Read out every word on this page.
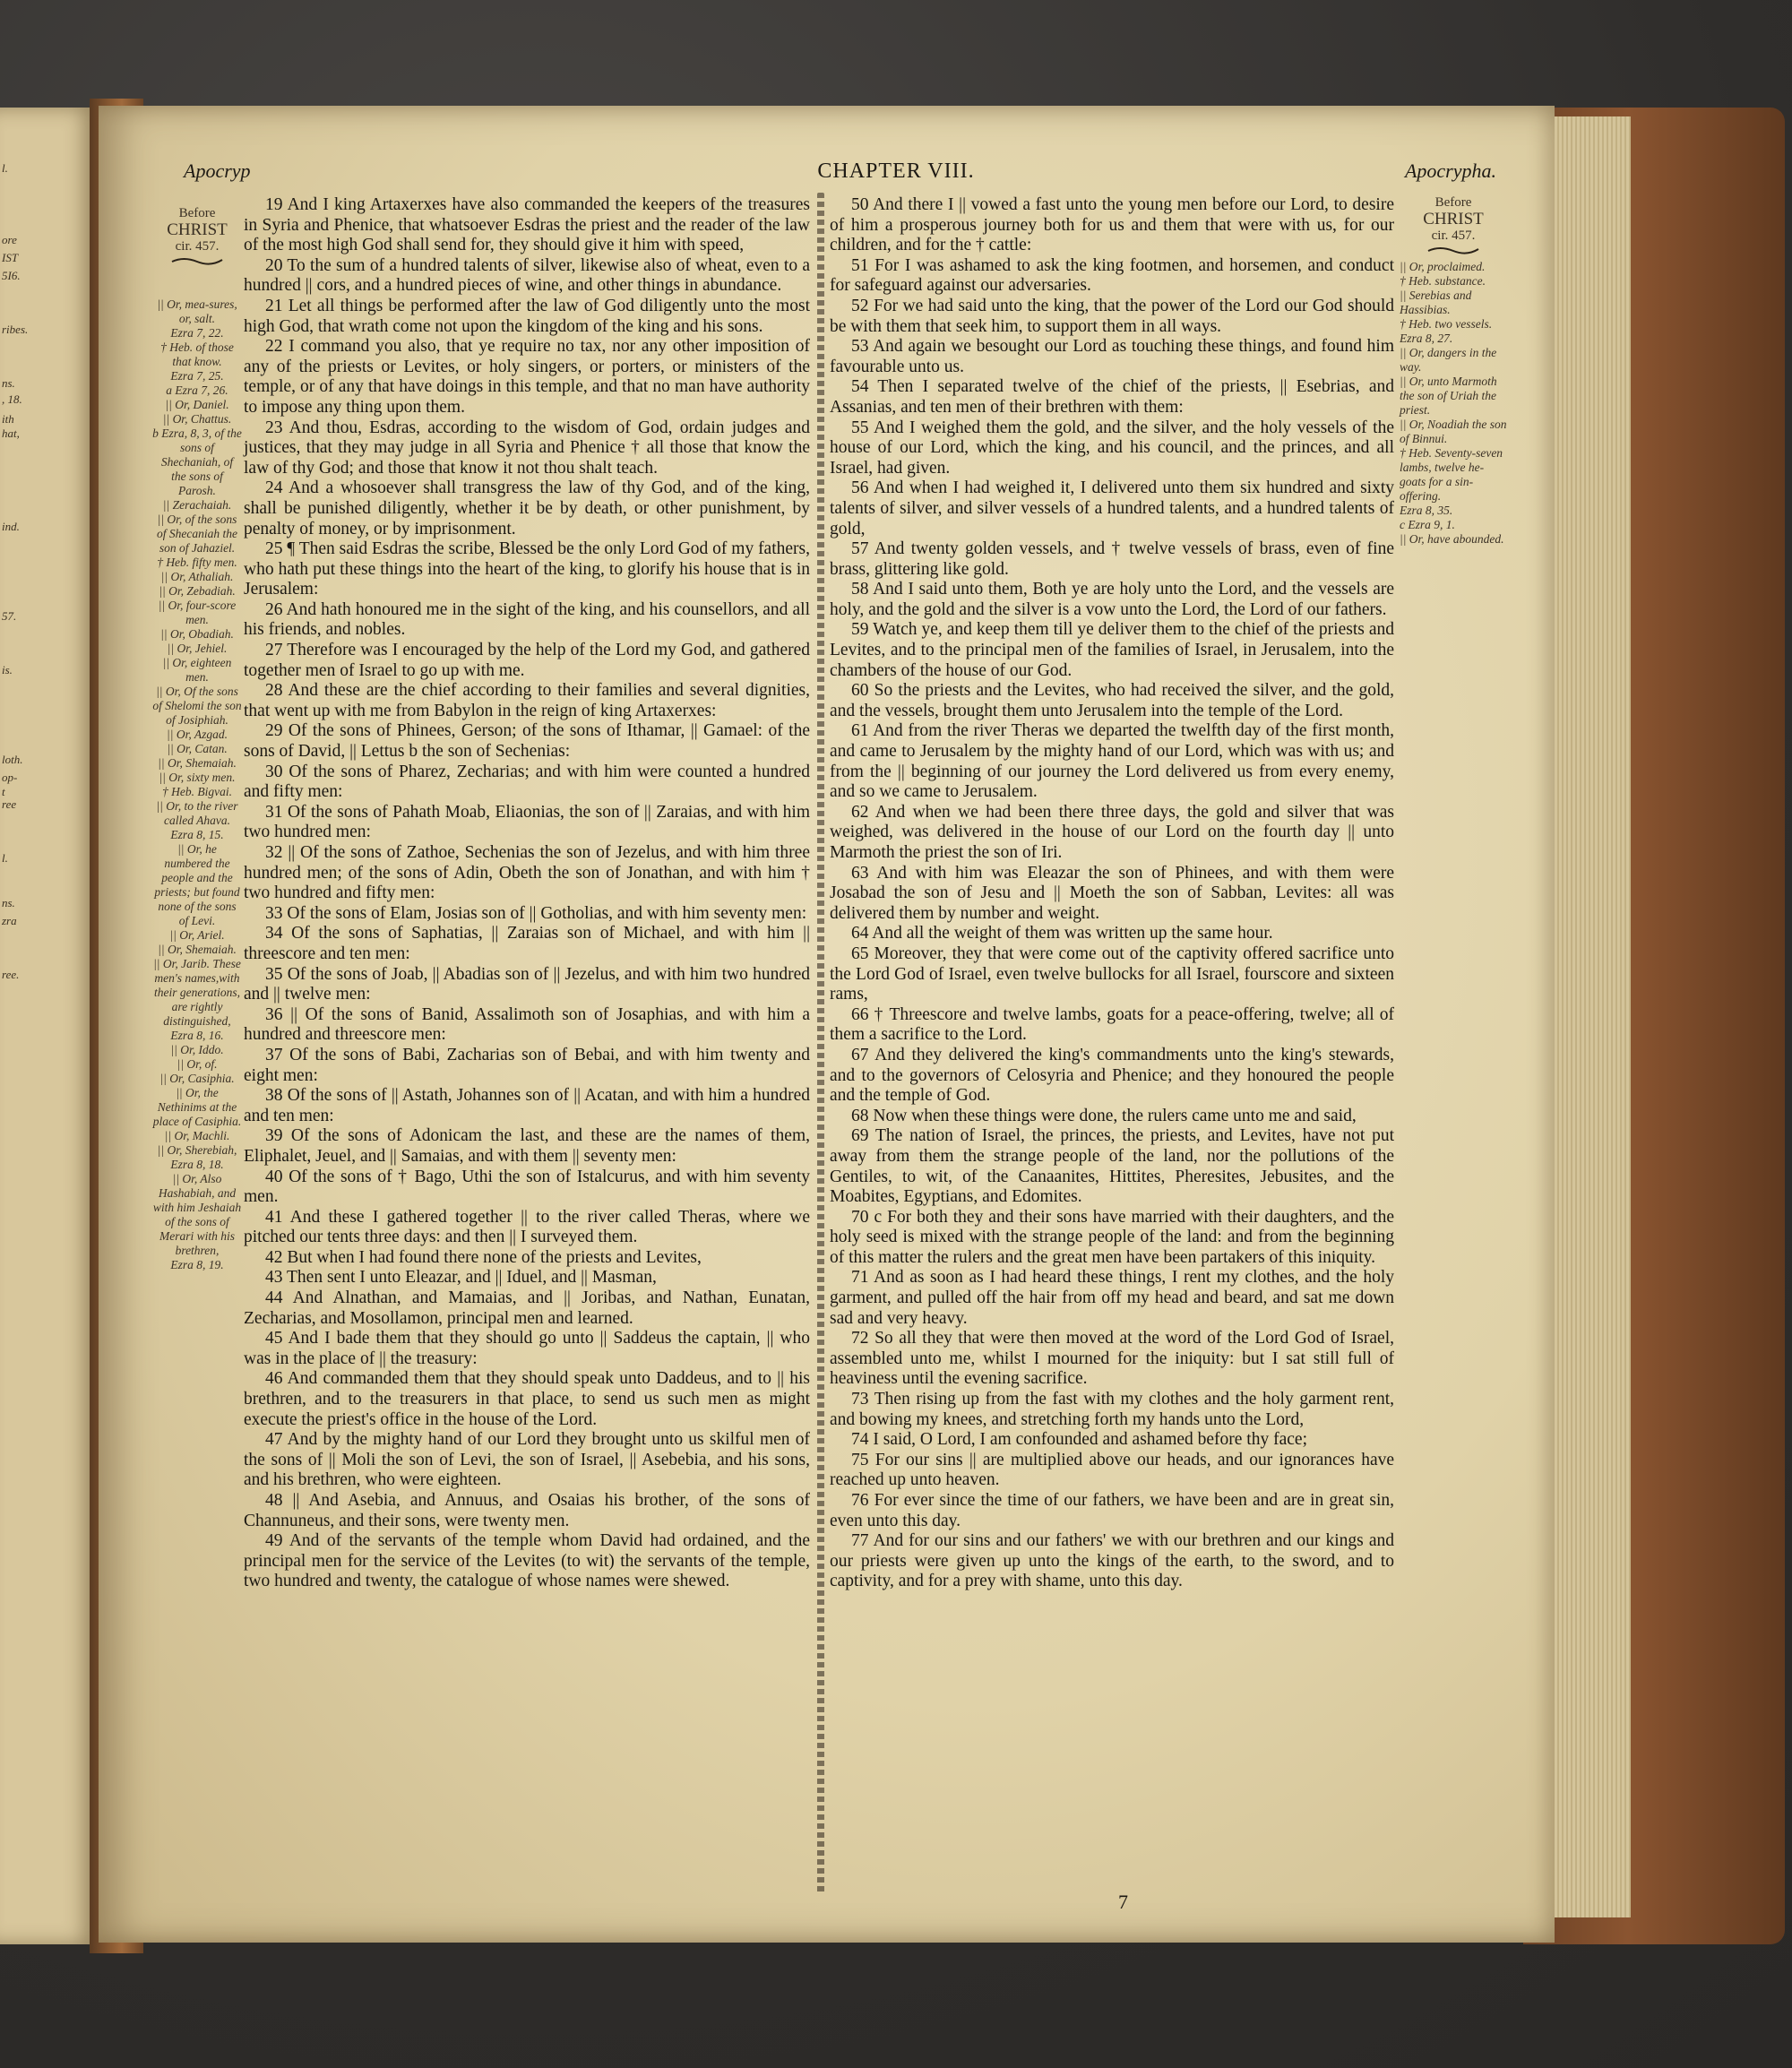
l.
ore
IST
5I6.
ribes.
ns.
, 18.
ith
hat,
ind.
57.
is.
loth.
op-
t
ree
l.
ns.
zra
ree.
Apocryp	CHAPTER VIII.	Apocrypha.
Before
CHRIST
cir. 457.
|| Or, mea-sures, or, salt.
Ezra 7, 22.
† Heb. of those that know.
Ezra 7, 25.
a Ezra 7, 26.
|| Or, Daniel.
|| Or, Chattus.
b Ezra, 8, 3, of the sons of Shechaniah, of the sons of Parosh.
|| Zerachaiah.
|| Or, of the sons of Shecaniah the son of Jahaziel.
† Heb. fifty men.
|| Or, Athaliah.
|| Or, Zebadiah.
|| Or, four-score men.
|| Or, Obadiah.
|| Or, Jehiel.
|| Or, eighteen men.
|| Or, Of the sons of Shelomi the son of Josiphiah.
|| Or, Azgad.
|| Or, Catan.
|| Or, Shemaiah.
|| Or, sixty men.
† Heb. Bigvai.
|| Or, to the river called Ahava.
Ezra 8, 15.
|| Or, he numbered the people and the priests; but found none of the sons of Levi.
|| Or, Ariel.
|| Or, Shemaiah.
|| Or, Jarib. These men's names,with their generations, are rightly distinguished,
Ezra 8, 16.
|| Or, Iddo.
|| Or, of.
|| Or, Casiphia.
|| Or, the Nethinims at the place of Casiphia.
|| Or, Machli.
|| Or, Sherebiah,
Ezra 8, 18.
|| Or, Also Hashabiah, and with him Jeshaiah of the sons of Merari with his brethren,
Ezra 8, 19.
Before
CHRIST
cir. 457.
|| Or, proclaimed.
† Heb. substance.
|| Serebias and Hassibias.
† Heb. two vessels.
Ezra 8, 27.
|| Or, dangers in the way.
|| Or, unto Marmoth the son of Uriah the priest.
|| Or, Noadiah the son of Binnui.
† Heb. Seventy-seven lambs, twelve he-goats for a sin-offering.
Ezra 8, 35.
c Ezra 9, 1.
|| Or, have abounded.

19 And I king Artaxerxes have also commanded the keepers of the treasures in Syria and Phenice, that whatsoever Esdras the priest and the reader of the law of the most high God shall send for, they should give it him with speed,

20 To the sum of a hundred talents of silver, likewise also of wheat, even to a hundred || cors, and a hundred pieces of wine, and other things in abundance.

21 Let all things be performed after the law of God diligently unto the most high God, that wrath come not upon the kingdom of the king and his sons.

22 I command you also, that ye require no tax, nor any other imposition of any of the priests or Levites, or holy singers, or porters, or ministers of the temple, or of any that have doings in this temple, and that no man have authority to impose any thing upon them.

23 And thou, Esdras, according to the wisdom of God, ordain judges and justices, that they may judge in all Syria and Phenice † all those that know the law of thy God; and those that know it not thou shalt teach.

24 And a whosoever shall transgress the law of thy God, and of the king, shall be punished diligently, whether it be by death, or other punishment, by penalty of money, or by imprisonment.

25 ¶ Then said Esdras the scribe, Blessed be the only Lord God of my fathers, who hath put these things into the heart of the king, to glorify his house that is in Jerusalem:

26 And hath honoured me in the sight of the king, and his counsellors, and all his friends, and nobles.

27 Therefore was I encouraged by the help of the Lord my God, and gathered together men of Israel to go up with me.

28 And these are the chief according to their families and several dignities, that went up with me from Babylon in the reign of king Artaxerxes:

29 Of the sons of Phinees, Gerson; of the sons of Ithamar, || Gamael: of the sons of David, || Lettus b the son of Sechenias:

30 Of the sons of Pharez, Zecharias; and with him were counted a hundred and fifty men:

31 Of the sons of Pahath Moab, Eliaonias, the son of || Zaraias, and with him two hundred men:

32 || Of the sons of Zathoe, Sechenias the son of Jezelus, and with him three hundred men; of the sons of Adin, Obeth the son of Jonathan, and with him † two hundred and fifty men:

33 Of the sons of Elam, Josias son of || Gotholias, and with him seventy men:

34 Of the sons of Saphatias, || Zaraias son of Michael, and with him || threescore and ten men:

35 Of the sons of Joab, || Abadias son of || Jezelus, and with him two hundred and || twelve men:

36 || Of the sons of Banid, Assalimoth son of Josaphias, and with him a hundred and threescore men:

37 Of the sons of Babi, Zacharias son of Bebai, and with him twenty and eight men:

38 Of the sons of || Astath, Johannes son of || Acatan, and with him a hundred and ten men:

39 Of the sons of Adonicam the last, and these are the names of them, Eliphalet, Jeuel, and || Samaias, and with them || seventy men:

40 Of the sons of † Bago, Uthi the son of Istalcurus, and with him seventy men.

41 And these I gathered together || to the river called Theras, where we pitched our tents three days: and then || I surveyed them.

42 But when I had found there none of the priests and Levites,

43 Then sent I unto Eleazar, and || Iduel, and || Masman,

44 And Alnathan, and Mamaias, and || Joribas, and Nathan, Eunatan, Zecharias, and Mosollamon, principal men and learned.

45 And I bade them that they should go unto || Saddeus the captain, || who was in the place of || the treasury:

46 And commanded them that they should speak unto Daddeus, and to || his brethren, and to the treasurers in that place, to send us such men as might execute the priest's office in the house of the Lord.

47 And by the mighty hand of our Lord they brought unto us skilful men of the sons of || Moli the son of Levi, the son of Israel, || Asebebia, and his sons, and his brethren, who were eighteen.

48 || And Asebia, and Annuus, and Osaias his brother, of the sons of Channuneus, and their sons, were twenty men.

49 And of the servants of the temple whom David had ordained, and the principal men for the service of the Levites (to wit) the servants of the temple, two hundred and twenty, the catalogue of whose names were shewed.

50 And there I || vowed a fast unto the young men before our Lord, to desire of him a prosperous journey both for us and them that were with us, for our children, and for the † cattle:

51 For I was ashamed to ask the king footmen, and horsemen, and conduct for safeguard against our adversaries.

52 For we had said unto the king, that the power of the Lord our God should be with them that seek him, to support them in all ways.

53 And again we besought our Lord as touching these things, and found him favourable unto us.

54 Then I separated twelve of the chief of the priests, || Esebrias, and Assanias, and ten men of their brethren with them:

55 And I weighed them the gold, and the silver, and the holy vessels of the house of our Lord, which the king, and his council, and the princes, and all Israel, had given.

56 And when I had weighed it, I delivered unto them six hundred and sixty talents of silver, and silver vessels of a hundred talents, and a hundred talents of gold,

57 And twenty golden vessels, and † twelve vessels of brass, even of fine brass, glittering like gold.

58 And I said unto them, Both ye are holy unto the Lord, and the vessels are holy, and the gold and the silver is a vow unto the Lord, the Lord of our fathers.

59 Watch ye, and keep them till ye deliver them to the chief of the priests and Levites, and to the principal men of the families of Israel, in Jerusalem, into the chambers of the house of our God.

60 So the priests and the Levites, who had received the silver, and the gold, and the vessels, brought them unto Jerusalem into the temple of the Lord.

61 And from the river Theras we departed the twelfth day of the first month, and came to Jerusalem by the mighty hand of our Lord, which was with us; and from the || beginning of our journey the Lord delivered us from every enemy, and so we came to Jerusalem.

62 And when we had been there three days, the gold and silver that was weighed, was delivered in the house of our Lord on the fourth day || unto Marmoth the priest the son of Iri.

63 And with him was Eleazar the son of Phinees, and with them were Josabad the son of Jesu and || Moeth the son of Sabban, Levites: all was delivered them by number and weight.

64 And all the weight of them was written up the same hour.

65 Moreover, they that were come out of the captivity offered sacrifice unto the Lord God of Israel, even twelve bullocks for all Israel, fourscore and sixteen rams,

66 † Threescore and twelve lambs, goats for a peace-offering, twelve; all of them a sacrifice to the Lord.

67 And they delivered the king's commandments unto the king's stewards, and to the governors of Celosyria and Phenice; and they honoured the people and the temple of God.

68 Now when these things were done, the rulers came unto me and said,

69 The nation of Israel, the princes, the priests, and Levites, have not put away from them the strange people of the land, nor the pollutions of the Gentiles, to wit, of the Canaanites, Hittites, Pheresites, Jebusites, and the Moabites, Egyptians, and Edomites.

70 c For both they and their sons have married with their daughters, and the holy seed is mixed with the strange people of the land: and from the beginning of this matter the rulers and the great men have been partakers of this iniquity.

71 And as soon as I had heard these things, I rent my clothes, and the holy garment, and pulled off the hair from off my head and beard, and sat me down sad and very heavy.

72 So all they that were then moved at the word of the Lord God of Israel, assembled unto me, whilst I mourned for the iniquity: but I sat still full of heaviness until the evening sacrifice.

73 Then rising up from the fast with my clothes and the holy garment rent, and bowing my knees, and stretching forth my hands unto the Lord,

74 I said, O Lord, I am confounded and ashamed before thy face;

75 For our sins || are multiplied above our heads, and our ignorances have reached up unto heaven.

76 For ever since the time of our fathers, we have been and are in great sin, even unto this day.

77 And for our sins and our fathers' we with our brethren and our kings and our priests were given up unto the kings of the earth, to the sword, and to captivity, and for a prey with shame, unto this day.

7
